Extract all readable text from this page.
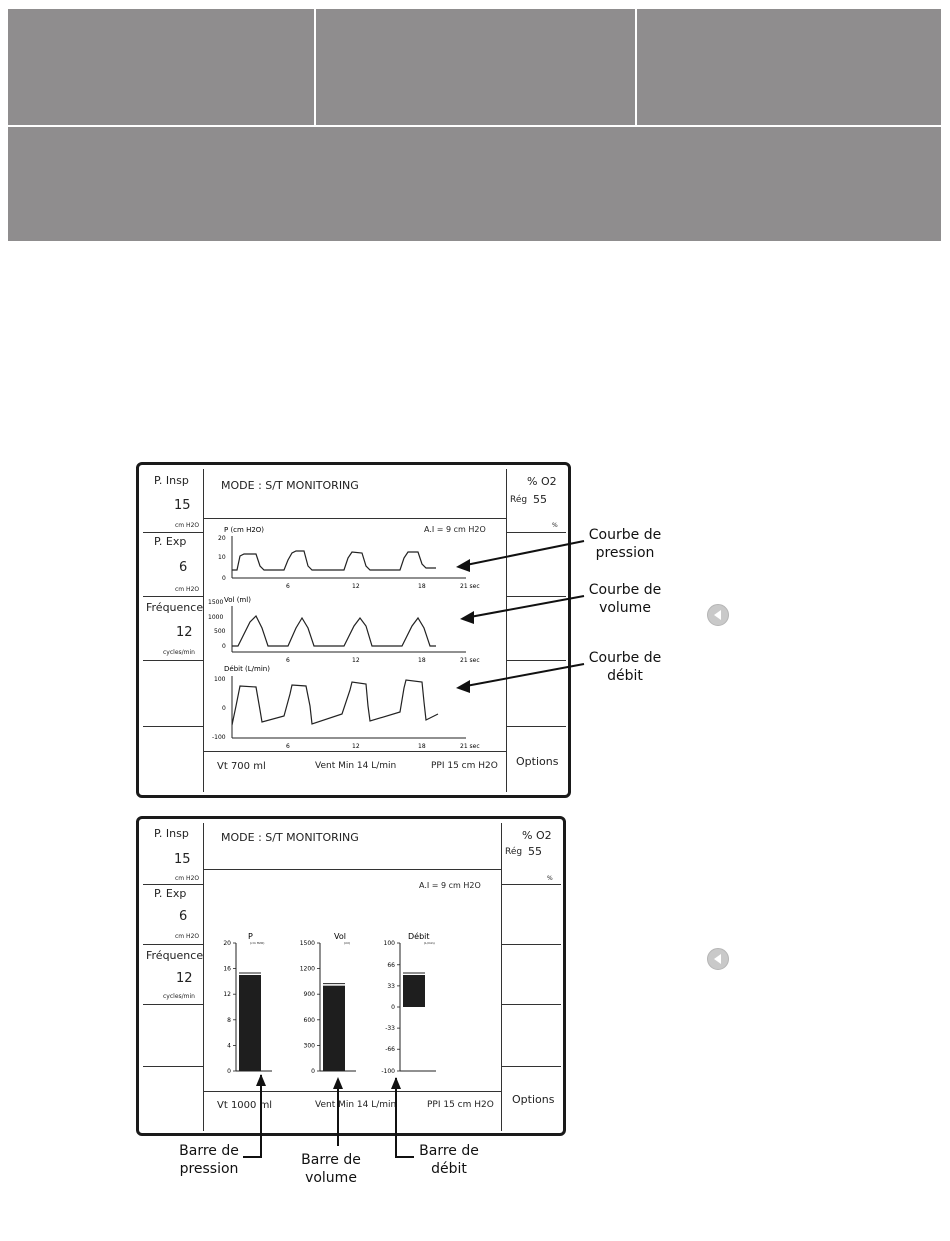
P. Insp
15
cm H2O
P. Exp
6
cm H2O
Fréquence
12
cycles/min
% O2
Rég 55
%
Options
MODE : S/T MONITORING
A.I = 9 cm H2O
P (cm H2O)
20
10
0
6	12	18	21 sec
Vol (ml)
1500
1000
500
0
6	12	18	21 sec
Débit (L/min)
100
0
-100
6	12	18	21 sec
Vt 700 ml	Vent Min 14 L/min	PPI 15 cm H2O
Courbe de
pression
Courbe de
volume
Courbe de
débit
P. Insp
15
cm H2O
P. Exp
6
cm H2O
Fréquence
12
cycles/min
% O2
Rég 55
%
Options
MODE : S/T MONITORING
A.I = 9 cm H2O
P
(cm H2O)
20
16
12
8
4
0
Vol
(ml)
1500
1200
900
600
300
0
Débit
(L/min)
100
66
33
0
-33
-66
-100
Vt 1000 ml	Vent Min 14 L/min	PPI 15 cm H2O
Barre de
pression
Barre de
volume
Barre de
débit
